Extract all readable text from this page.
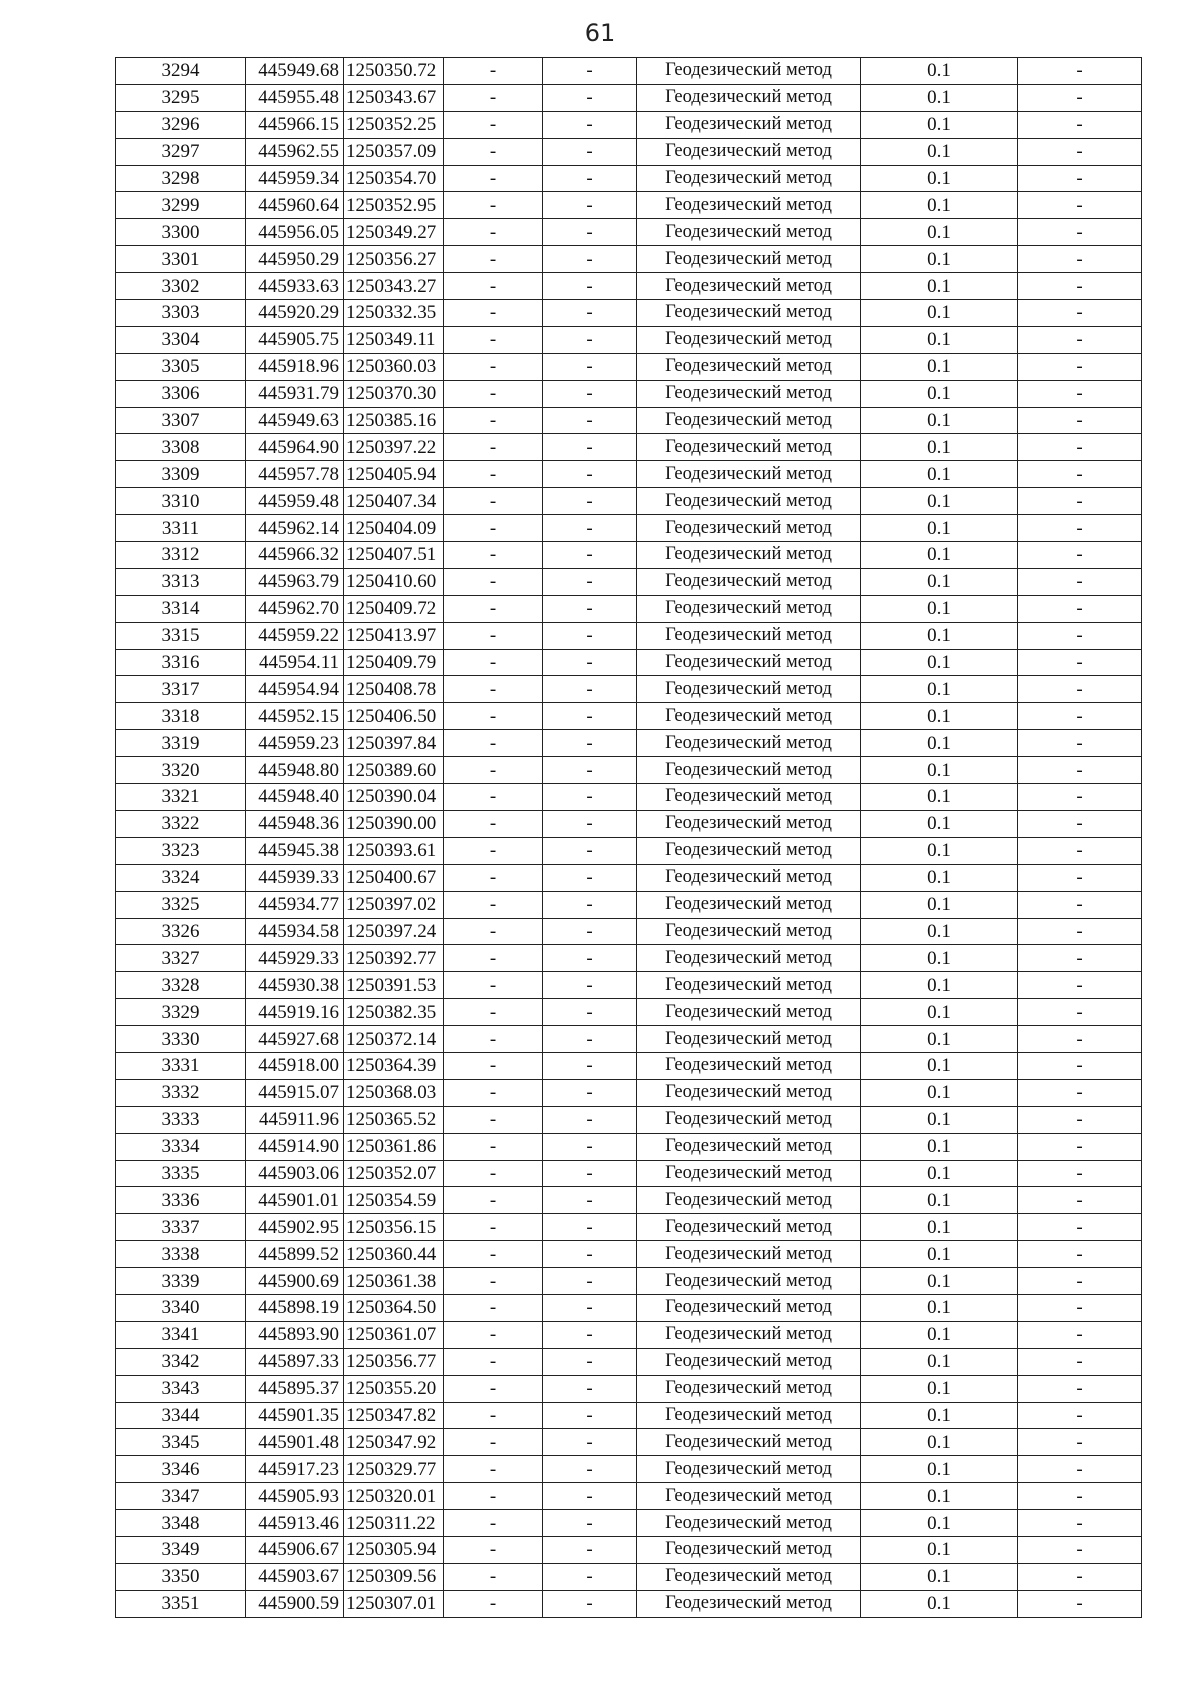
61
3294	445949.68	1250350.72	-	-	Геодезический метод	0.1	-
3295	445955.48	1250343.67	-	-	Геодезический метод	0.1	-
3296	445966.15	1250352.25	-	-	Геодезический метод	0.1	-
3297	445962.55	1250357.09	-	-	Геодезический метод	0.1	-
3298	445959.34	1250354.70	-	-	Геодезический метод	0.1	-
3299	445960.64	1250352.95	-	-	Геодезический метод	0.1	-
3300	445956.05	1250349.27	-	-	Геодезический метод	0.1	-
3301	445950.29	1250356.27	-	-	Геодезический метод	0.1	-
3302	445933.63	1250343.27	-	-	Геодезический метод	0.1	-
3303	445920.29	1250332.35	-	-	Геодезический метод	0.1	-
3304	445905.75	1250349.11	-	-	Геодезический метод	0.1	-
3305	445918.96	1250360.03	-	-	Геодезический метод	0.1	-
3306	445931.79	1250370.30	-	-	Геодезический метод	0.1	-
3307	445949.63	1250385.16	-	-	Геодезический метод	0.1	-
3308	445964.90	1250397.22	-	-	Геодезический метод	0.1	-
3309	445957.78	1250405.94	-	-	Геодезический метод	0.1	-
3310	445959.48	1250407.34	-	-	Геодезический метод	0.1	-
3311	445962.14	1250404.09	-	-	Геодезический метод	0.1	-
3312	445966.32	1250407.51	-	-	Геодезический метод	0.1	-
3313	445963.79	1250410.60	-	-	Геодезический метод	0.1	-
3314	445962.70	1250409.72	-	-	Геодезический метод	0.1	-
3315	445959.22	1250413.97	-	-	Геодезический метод	0.1	-
3316	445954.11	1250409.79	-	-	Геодезический метод	0.1	-
3317	445954.94	1250408.78	-	-	Геодезический метод	0.1	-
3318	445952.15	1250406.50	-	-	Геодезический метод	0.1	-
3319	445959.23	1250397.84	-	-	Геодезический метод	0.1	-
3320	445948.80	1250389.60	-	-	Геодезический метод	0.1	-
3321	445948.40	1250390.04	-	-	Геодезический метод	0.1	-
3322	445948.36	1250390.00	-	-	Геодезический метод	0.1	-
3323	445945.38	1250393.61	-	-	Геодезический метод	0.1	-
3324	445939.33	1250400.67	-	-	Геодезический метод	0.1	-
3325	445934.77	1250397.02	-	-	Геодезический метод	0.1	-
3326	445934.58	1250397.24	-	-	Геодезический метод	0.1	-
3327	445929.33	1250392.77	-	-	Геодезический метод	0.1	-
3328	445930.38	1250391.53	-	-	Геодезический метод	0.1	-
3329	445919.16	1250382.35	-	-	Геодезический метод	0.1	-
3330	445927.68	1250372.14	-	-	Геодезический метод	0.1	-
3331	445918.00	1250364.39	-	-	Геодезический метод	0.1	-
3332	445915.07	1250368.03	-	-	Геодезический метод	0.1	-
3333	445911.96	1250365.52	-	-	Геодезический метод	0.1	-
3334	445914.90	1250361.86	-	-	Геодезический метод	0.1	-
3335	445903.06	1250352.07	-	-	Геодезический метод	0.1	-
3336	445901.01	1250354.59	-	-	Геодезический метод	0.1	-
3337	445902.95	1250356.15	-	-	Геодезический метод	0.1	-
3338	445899.52	1250360.44	-	-	Геодезический метод	0.1	-
3339	445900.69	1250361.38	-	-	Геодезический метод	0.1	-
3340	445898.19	1250364.50	-	-	Геодезический метод	0.1	-
3341	445893.90	1250361.07	-	-	Геодезический метод	0.1	-
3342	445897.33	1250356.77	-	-	Геодезический метод	0.1	-
3343	445895.37	1250355.20	-	-	Геодезический метод	0.1	-
3344	445901.35	1250347.82	-	-	Геодезический метод	0.1	-
3345	445901.48	1250347.92	-	-	Геодезический метод	0.1	-
3346	445917.23	1250329.77	-	-	Геодезический метод	0.1	-
3347	445905.93	1250320.01	-	-	Геодезический метод	0.1	-
3348	445913.46	1250311.22	-	-	Геодезический метод	0.1	-
3349	445906.67	1250305.94	-	-	Геодезический метод	0.1	-
3350	445903.67	1250309.56	-	-	Геодезический метод	0.1	-
3351	445900.59	1250307.01	-	-	Геодезический метод	0.1	-
